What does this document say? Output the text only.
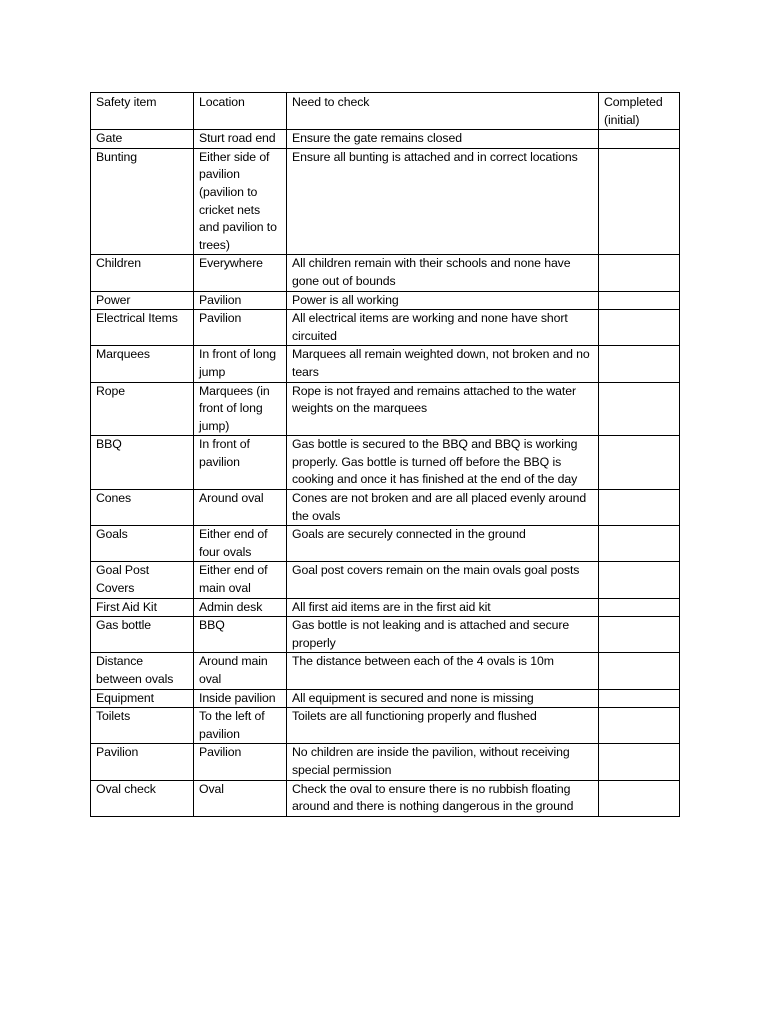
Safety item	Location	Need to check	Completed (initial)
Gate	Sturt road end	Ensure the gate remains closed	
Bunting	Either side of pavilion (pavilion to cricket nets and pavilion to trees)	Ensure all bunting is attached and in correct locations	
Children	Everywhere	All children remain with their schools and none have gone out of bounds	
Power	Pavilion	Power is all working	
Electrical Items	Pavilion	All electrical items are working and none have short circuited	
Marquees	In front of long jump	Marquees all remain weighted down, not broken and no tears	
Rope	Marquees (in front of long jump)	Rope is not frayed and remains attached to the water weights on the marquees	
BBQ	In front of pavilion	Gas bottle is secured to the BBQ and BBQ is working properly. Gas bottle is turned off before the BBQ is cooking and once it has finished at the end of the day	
Cones	Around oval	Cones are not broken and are all placed evenly around the ovals	
Goals	Either end of four ovals	Goals are securely connected in the ground	
Goal Post Covers	Either end of main oval	Goal post covers remain on the main ovals goal posts	
First Aid Kit	Admin desk	All first aid items are in the first aid kit	
Gas bottle	BBQ	Gas bottle is not leaking and is attached and secure properly	
Distance between ovals	Around main oval	The distance between each of the 4 ovals is 10m	
Equipment	Inside pavilion	All equipment is secured and none is missing	
Toilets	To the left of pavilion	Toilets are all functioning properly and flushed	
Pavilion	Pavilion	No children are inside the pavilion, without receiving special permission	
Oval check	Oval	Check the oval to ensure there is no rubbish floating around and there is nothing dangerous in the ground	
